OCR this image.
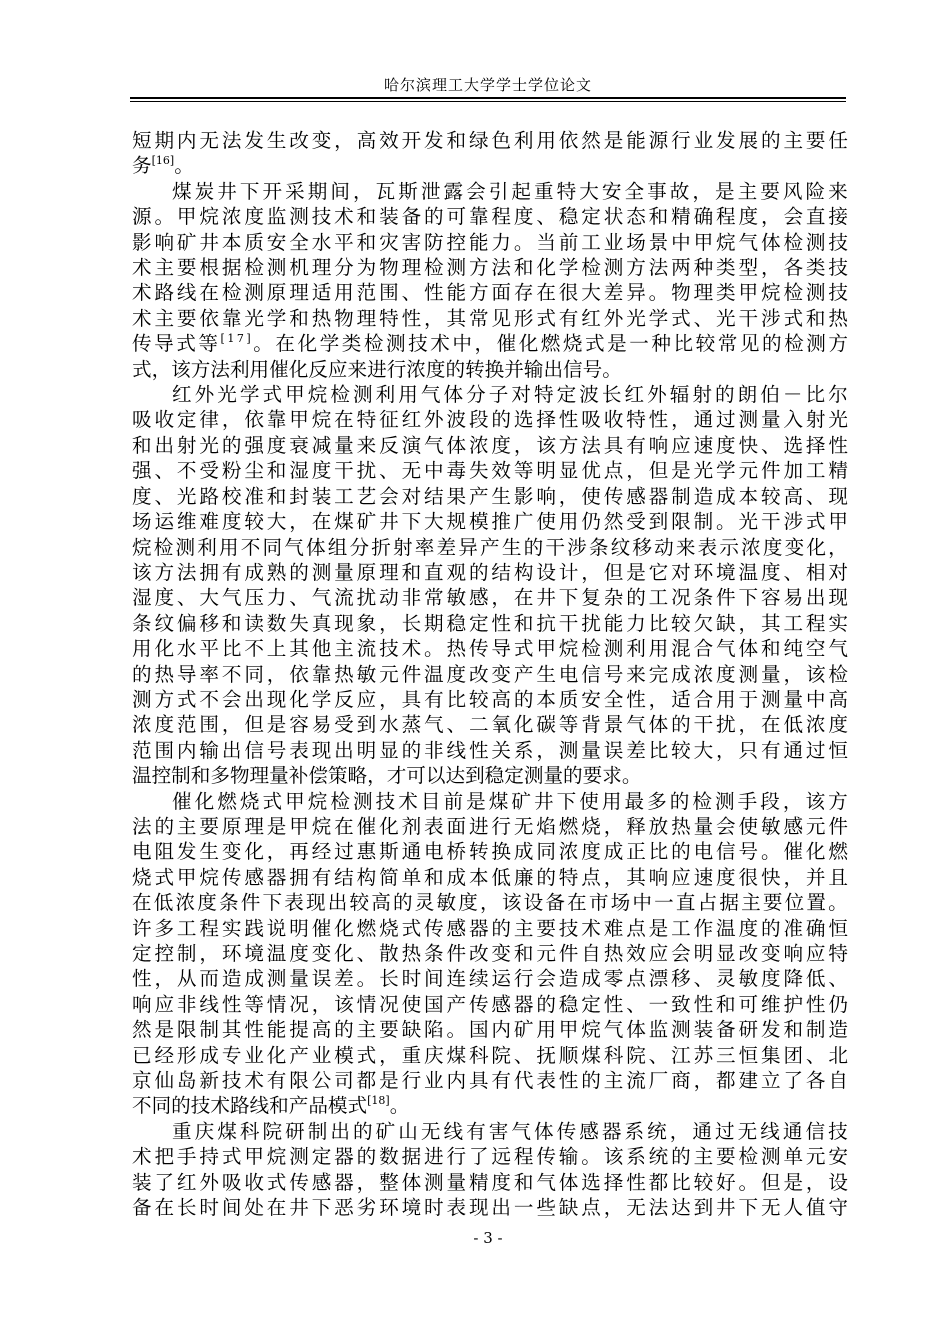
哈尔滨理工大学学士学位论文
短期内无法发生改变，高效开发和绿色利用依然是能源行业发展的主要任
务[16]。
煤炭井下开采期间，瓦斯泄露会引起重特大安全事故，是主要风险来
源。甲烷浓度监测技术和装备的可靠程度、稳定状态和精确程度，会直接
影响矿井本质安全水平和灾害防控能力。当前工业场景中甲烷气体检测技
术主要根据检测机理分为物理检测方法和化学检测方法两种类型，各类技
术路线在检测原理适用范围、性能方面存在很大差异。物理类甲烷检测技
术主要依靠光学和热物理特性，其常见形式有红外光学式、光干涉式和热
传导式等[17]。在化学类检测技术中，催化燃烧式是一种比较常见的检测方
式，该方法利用催化反应来进行浓度的转换并输出信号。
红外光学式甲烷检测利用气体分子对特定波长红外辐射的朗伯－比尔
吸收定律，依靠甲烷在特征红外波段的选择性吸收特性，通过测量入射光
和出射光的强度衰减量来反演气体浓度，该方法具有响应速度快、选择性
强、不受粉尘和湿度干扰、无中毒失效等明显优点，但是光学元件加工精
度、光路校准和封装工艺会对结果产生影响，使传感器制造成本较高、现
场运维难度较大，在煤矿井下大规模推广使用仍然受到限制。光干涉式甲
烷检测利用不同气体组分折射率差异产生的干涉条纹移动来表示浓度变化，
该方法拥有成熟的测量原理和直观的结构设计，但是它对环境温度、相对
湿度、大气压力、气流扰动非常敏感，在井下复杂的工况条件下容易出现
条纹偏移和读数失真现象，长期稳定性和抗干扰能力比较欠缺，其工程实
用化水平比不上其他主流技术。热传导式甲烷检测利用混合气体和纯空气
的热导率不同，依靠热敏元件温度改变产生电信号来完成浓度测量，该检
测方式不会出现化学反应，具有比较高的本质安全性，适合用于测量中高
浓度范围，但是容易受到水蒸气、二氧化碳等背景气体的干扰，在低浓度
范围内输出信号表现出明显的非线性关系，测量误差比较大，只有通过恒
温控制和多物理量补偿策略，才可以达到稳定测量的要求。
催化燃烧式甲烷检测技术目前是煤矿井下使用最多的检测手段，该方
法的主要原理是甲烷在催化剂表面进行无焰燃烧，释放热量会使敏感元件
电阻发生变化，再经过惠斯通电桥转换成同浓度成正比的电信号。催化燃
烧式甲烷传感器拥有结构简单和成本低廉的特点，其响应速度很快，并且
在低浓度条件下表现出较高的灵敏度，该设备在市场中一直占据主要位置。
许多工程实践说明催化燃烧式传感器的主要技术难点是工作温度的准确恒
定控制，环境温度变化、散热条件改变和元件自热效应会明显改变响应特
性，从而造成测量误差。长时间连续运行会造成零点漂移、灵敏度降低、
响应非线性等情况，该情况使国产传感器的稳定性、一致性和可维护性仍
然是限制其性能提高的主要缺陷。国内矿用甲烷气体监测装备研发和制造
已经形成专业化产业模式，重庆煤科院、抚顺煤科院、江苏三恒集团、北
京仙岛新技术有限公司都是行业内具有代表性的主流厂商，都建立了各自
不同的技术路线和产品模式[18]。
重庆煤科院研制出的矿山无线有害气体传感器系统，通过无线通信技
术把手持式甲烷测定器的数据进行了远程传输。该系统的主要检测单元安
装了红外吸收式传感器，整体测量精度和气体选择性都比较好。但是，设
备在长时间处在井下恶劣环境时表现出一些缺点，无法达到井下无人值守
- 3 -
